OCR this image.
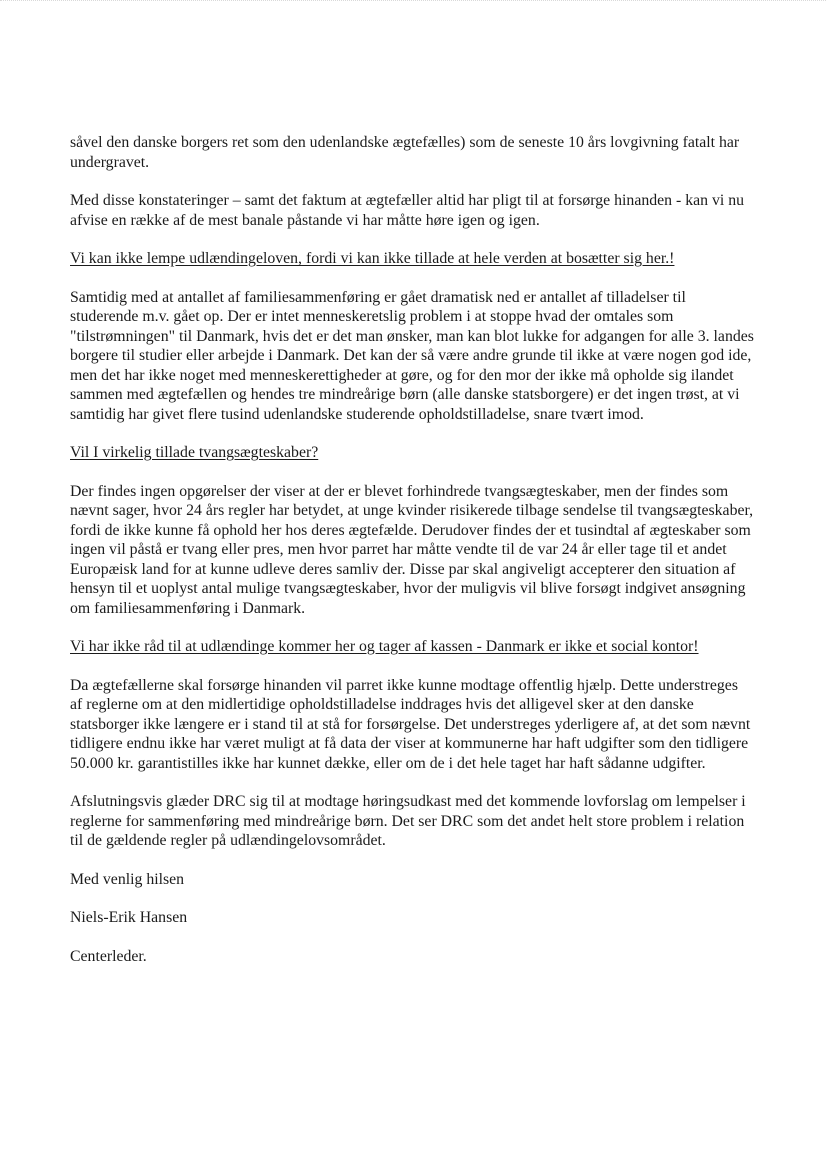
såvel den danske borgers ret som den udenlandske ægtefælles) som de seneste 10 års lovgivning fatalt har undergravet.

Med disse konstateringer – samt det faktum at ægtefæller altid har pligt til at forsørge hinanden - kan vi nu afvise en række af de mest banale påstande vi har måtte høre igen og igen.

Vi kan ikke lempe udlændingeloven, fordi vi kan ikke tillade at hele verden at bosætter sig her.!

Samtidig med at antallet af familiesammenføring er gået dramatisk ned er antallet af tilladelser til studerende m.v. gået op. Der er intet menneskeretslig problem i at stoppe hvad der omtales som "tilstrømningen" til Danmark, hvis det er det man ønsker, man kan blot lukke for adgangen for alle 3. landes borgere til studier eller arbejde i Danmark. Det kan der så være andre grunde til ikke at være nogen god ide, men det har ikke noget med menneskerettigheder at gøre, og for den mor der ikke må opholde sig ilandet sammen med ægtefællen og hendes tre mindreårige børn (alle danske statsborgere) er det ingen trøst, at vi samtidig har givet flere tusind udenlandske studerende opholdstilladelse, snare tvært imod.

Vil I virkelig tillade tvangsægteskaber?

Der findes ingen opgørelser der viser at der er blevet forhindrede tvangsægteskaber, men der findes som nævnt sager, hvor 24 års regler har betydet, at unge kvinder risikerede tilbage sendelse til tvangsægteskaber, fordi de ikke kunne få ophold her hos deres ægtefælde. Derudover findes der et tusindtal af ægteskaber som ingen vil påstå er tvang eller pres, men hvor parret har måtte vendte til de var 24 år eller tage til et andet Europæisk land for at kunne udleve deres samliv der. Disse par skal angiveligt accepterer den situation af hensyn til et uoplyst antal mulige tvangsægteskaber, hvor der muligvis vil blive forsøgt indgivet ansøgning om familiesammenføring i Danmark.

Vi har ikke råd til at udlændinge kommer her og tager af kassen - Danmark er ikke et social kontor!

Da ægtefællerne skal forsørge hinanden vil parret ikke kunne modtage offentlig hjælp. Dette understreges af reglerne om at den midlertidige opholdstilladelse inddrages hvis det alligevel sker at den danske statsborger ikke længere er i stand til at stå for forsørgelse. Det understreges yderligere af, at det som nævnt tidligere endnu ikke har været muligt at få data der viser at kommunerne har haft udgifter som den tidligere 50.000 kr. garantistilles ikke har kunnet dække, eller om de i det hele taget har haft sådanne udgifter.

Afslutningsvis glæder DRC sig til at modtage høringsudkast med det kommende lovforslag om lempelser i reglerne for sammenføring med mindreårige børn. Det ser DRC som det andet helt store problem i relation til de gældende regler på udlændingelovsområdet.

Med venlig hilsen

Niels-Erik Hansen

Centerleder.
